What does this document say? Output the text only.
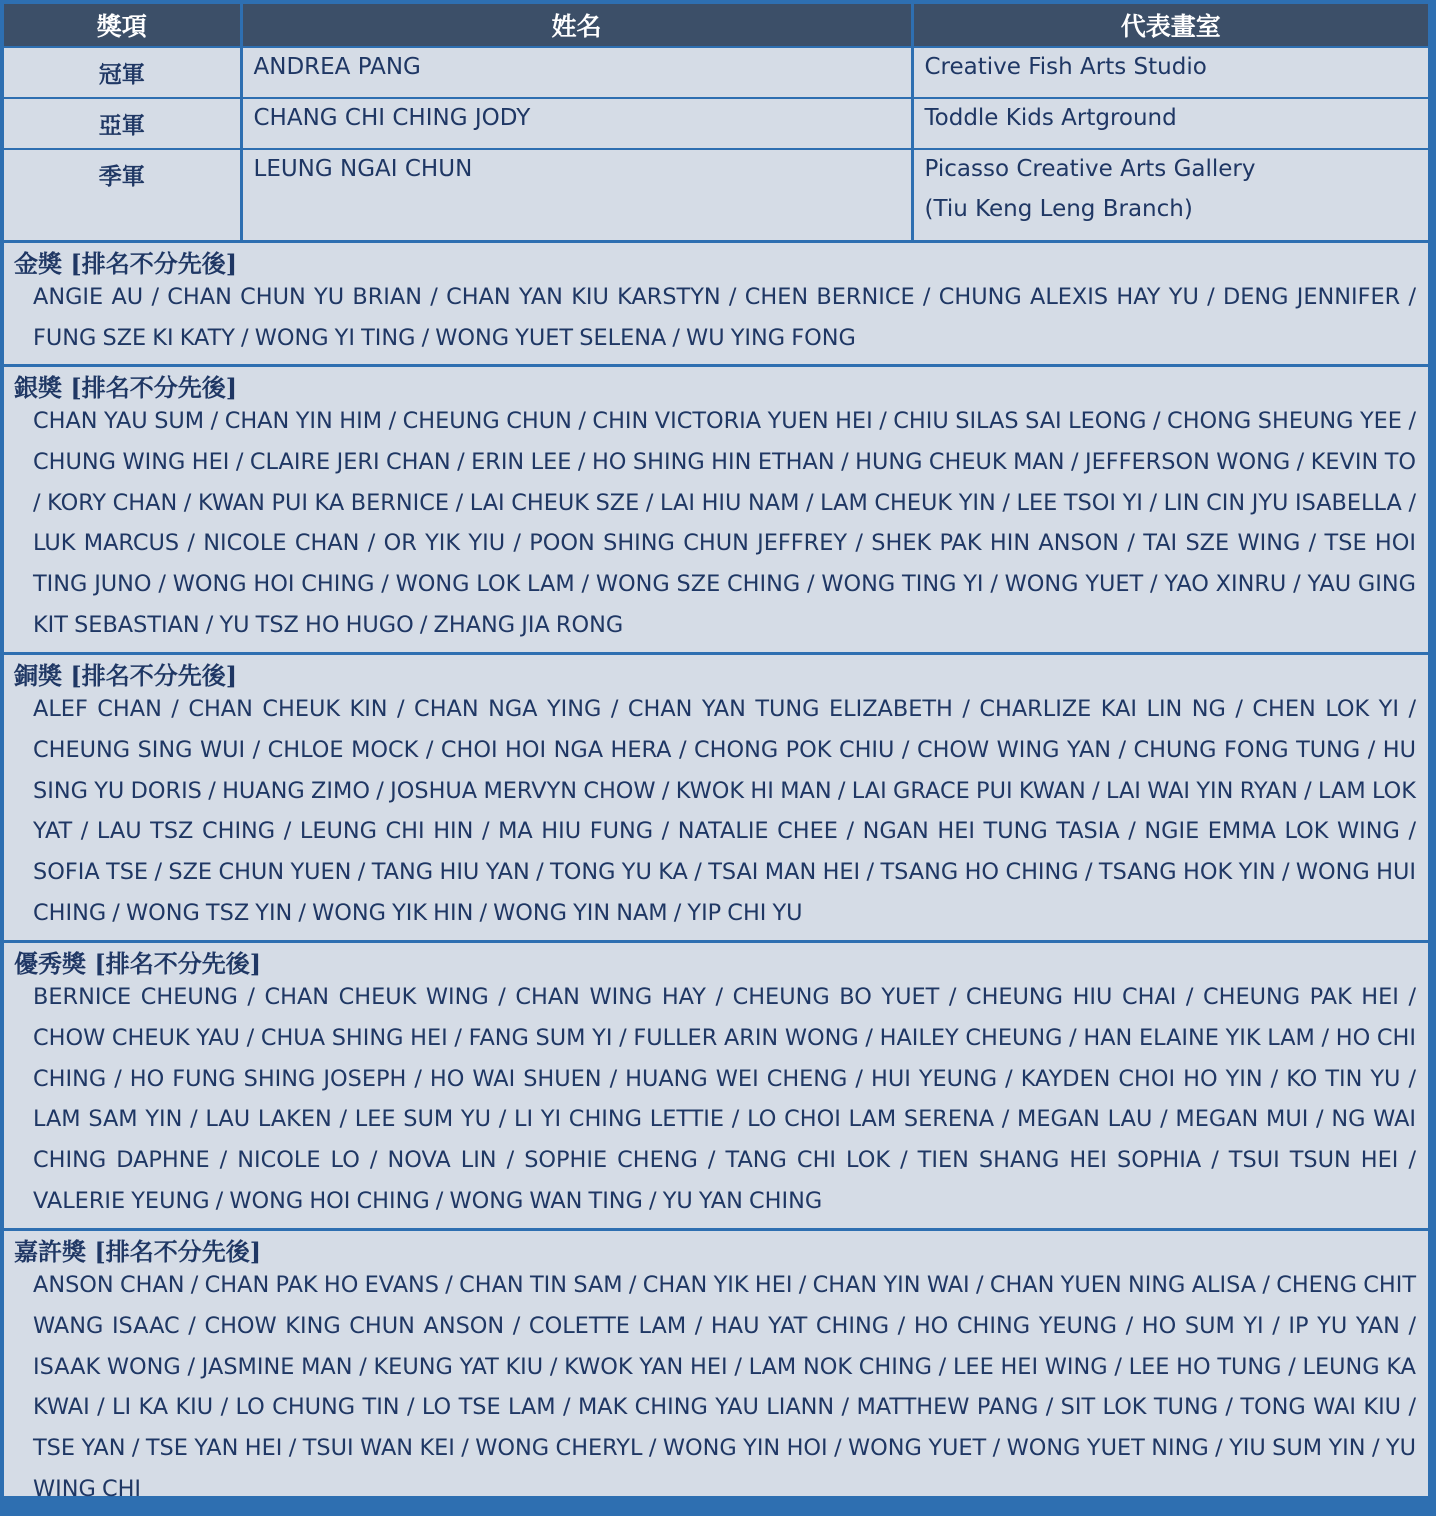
獎項	姓名	代表畫室
冠軍	ANDREA PANG	Creative Fish Arts Studio

亞軍	CHANG CHI CHING JODY	Toddle Kids Artground

季軍	LEUNG NGAI CHUN	Picasso Creative Arts Gallery
(Tiu Keng Leng Branch)
金獎 [排名不分先後]

ANGIE AU / CHAN CHUN YU BRIAN / CHAN YAN KIU KARSTYN / CHEN BERNICE / CHUNG ALEXIS HAY YU / DENG JENNIFER / FUNG SZE KI KATY / WONG YI TING / WONG YUET SELENA / WU YING FONG

銀獎 [排名不分先後]

CHAN YAU SUM / CHAN YIN HIM / CHEUNG CHUN / CHIN VICTORIA YUEN HEI / CHIU SILAS SAI LEONG / CHONG SHEUNG YEE / CHUNG WING HEI / CLAIRE JERI CHAN / ERIN LEE / HO SHING HIN ETHAN / HUNG CHEUK MAN / JEFFERSON WONG / KEVIN TO / KORY CHAN / KWAN PUI KA BERNICE / LAI CHEUK SZE / LAI HIU NAM / LAM CHEUK YIN / LEE TSOI YI / LIN CIN JYU ISABELLA / LUK MARCUS / NICOLE CHAN / OR YIK YIU / POON SHING CHUN JEFFREY / SHEK PAK HIN ANSON / TAI SZE WING / TSE HOI TING JUNO / WONG HOI CHING / WONG LOK LAM / WONG SZE CHING / WONG TING YI / WONG YUET / YAO XINRU / YAU GING KIT SEBASTIAN / YU TSZ HO HUGO / ZHANG JIA RONG

銅獎 [排名不分先後]

ALEF CHAN / CHAN CHEUK KIN / CHAN NGA YING / CHAN YAN TUNG ELIZABETH / CHARLIZE KAI LIN NG / CHEN LOK YI / CHEUNG SING WUI / CHLOE MOCK / CHOI HOI NGA HERA / CHONG POK CHIU / CHOW WING YAN / CHUNG FONG TUNG / HU SING YU DORIS / HUANG ZIMO / JOSHUA MERVYN CHOW / KWOK HI MAN / LAI GRACE PUI KWAN / LAI WAI YIN RYAN / LAM LOK YAT / LAU TSZ CHING / LEUNG CHI HIN / MA HIU FUNG / NATALIE CHEE / NGAN HEI TUNG TASIA / NGIE EMMA LOK WING / SOFIA TSE / SZE CHUN YUEN / TANG HIU YAN / TONG YU KA / TSAI MAN HEI / TSANG HO CHING / TSANG HOK YIN / WONG HUI CHING / WONG TSZ YIN / WONG YIK HIN / WONG YIN NAM / YIP CHI YU

優秀獎 [排名不分先後]

BERNICE CHEUNG / CHAN CHEUK WING / CHAN WING HAY / CHEUNG BO YUET / CHEUNG HIU CHAI / CHEUNG PAK HEI / CHOW CHEUK YAU / CHUA SHING HEI / FANG SUM YI / FULLER ARIN WONG / HAILEY CHEUNG / HAN ELAINE YIK LAM / HO CHI CHING / HO FUNG SHING JOSEPH / HO WAI SHUEN / HUANG WEI CHENG / HUI YEUNG / KAYDEN CHOI HO YIN / KO TIN YU / LAM SAM YIN / LAU LAKEN / LEE SUM YU / LI YI CHING LETTIE / LO CHOI LAM SERENA / MEGAN LAU / MEGAN MUI / NG WAI CHING DAPHNE / NICOLE LO / NOVA LIN / SOPHIE CHENG / TANG CHI LOK / TIEN SHANG HEI SOPHIA / TSUI TSUN HEI / VALERIE YEUNG / WONG HOI CHING / WONG WAN TING / YU YAN CHING

嘉許獎 [排名不分先後]

ANSON CHAN / CHAN PAK HO EVANS / CHAN TIN SAM / CHAN YIK HEI / CHAN YIN WAI / CHAN YUEN NING ALISA / CHENG CHIT WANG ISAAC / CHOW KING CHUN ANSON / COLETTE LAM / HAU YAT CHING / HO CHING YEUNG / HO SUM YI / IP YU YAN / ISAAK WONG / JASMINE MAN / KEUNG YAT KIU / KWOK YAN HEI / LAM NOK CHING / LEE HEI WING / LEE HO TUNG / LEUNG KA KWAI / LI KA KIU / LO CHUNG TIN / LO TSE LAM / MAK CHING YAU LIANN / MATTHEW PANG / SIT LOK TUNG / TONG WAI KIU / TSE YAN / TSE YAN HEI / TSUI WAN KEI / WONG CHERYL / WONG YIN HOI / WONG YUET / WONG YUET NING / YIU SUM YIN / YU WING CHI
